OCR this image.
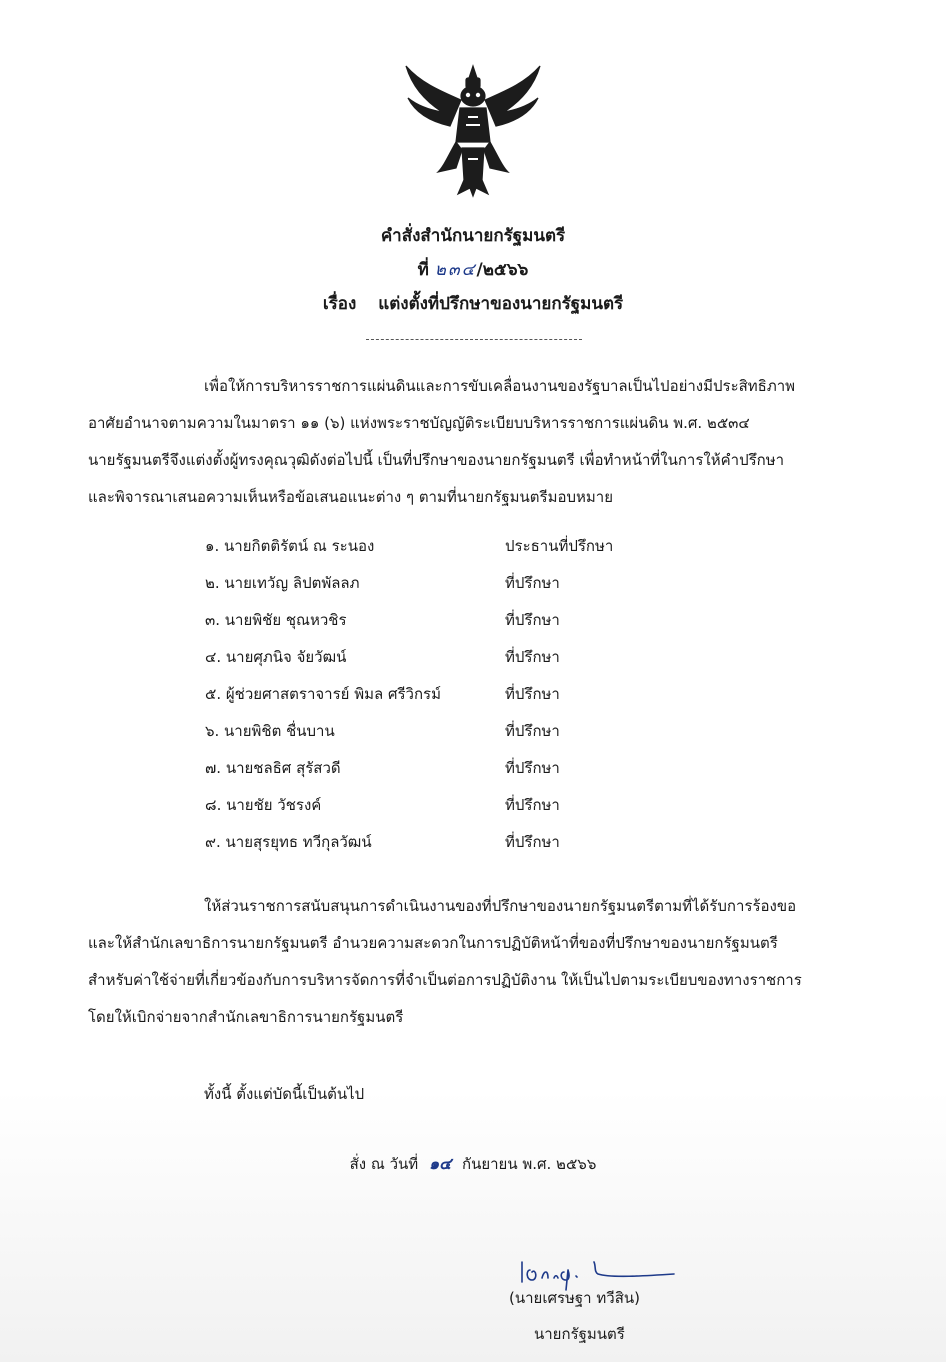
คำสั่งสำนักนายกรัฐมนตรี
ที่ ๒๓๔/๒๕๖๖
เรื่อง แต่งตั้งที่ปรึกษาของนายกรัฐมนตรี
เพื่อให้การบริหารราชการแผ่นดินและการขับเคลื่อนงานของรัฐบาลเป็นไปอย่างมีประสิทธิภาพ
อาศัยอำนาจตามความในมาตรา ๑๑ (๖) แห่งพระราชบัญญัติระเบียบบริหารราชการแผ่นดิน พ.ศ. ๒๕๓๔
นายรัฐมนตรีจึงแต่งตั้งผู้ทรงคุณวุฒิดังต่อไปนี้ เป็นที่ปรึกษาของนายกรัฐมนตรี เพื่อทำหน้าที่ในการให้คำปรึกษา
และพิจารณาเสนอความเห็นหรือข้อเสนอแนะต่าง ๆ ตามที่นายกรัฐมนตรีมอบหมาย
๑. นายกิตติรัตน์ ณ ระนอง	ประธานที่ปรึกษา
๒. นายเทวัญ ลิปตพัลลภ	ที่ปรึกษา
๓. นายพิชัย ชุณหวชิร	ที่ปรึกษา
๔. นายศุภนิจ จัยวัฒน์	ที่ปรึกษา
๕. ผู้ช่วยศาสตราจารย์ พิมล ศรีวิกรม์	ที่ปรึกษา
๖. นายพิชิต ชื่นบาน	ที่ปรึกษา
๗. นายชลธิศ สุรัสวดี	ที่ปรึกษา
๘. นายชัย วัชรงค์	ที่ปรึกษา
๙. นายสุรยุทธ ทวีกุลวัฒน์	ที่ปรึกษา
ให้ส่วนราชการสนับสนุนการดำเนินงานของที่ปรึกษาของนายกรัฐมนตรีตามที่ได้รับการร้องขอ
และให้สำนักเลขาธิการนายกรัฐมนตรี อำนวยความสะดวกในการปฏิบัติหน้าที่ของที่ปรึกษาของนายกรัฐมนตรี
สำหรับค่าใช้จ่ายที่เกี่ยวข้องกับการบริหารจัดการที่จำเป็นต่อการปฏิบัติงาน ให้เป็นไปตามระเบียบของทางราชการ
โดยให้เบิกจ่ายจากสำนักเลขาธิการนายกรัฐมนตรี
ทั้งนี้ ตั้งแต่บัดนี้เป็นต้นไป
สั่ง ณ วันที่ ๑๔ กันยายน พ.ศ. ๒๕๖๖
(นายเศรษฐา ทวีสิน)
นายกรัฐมนตรี
